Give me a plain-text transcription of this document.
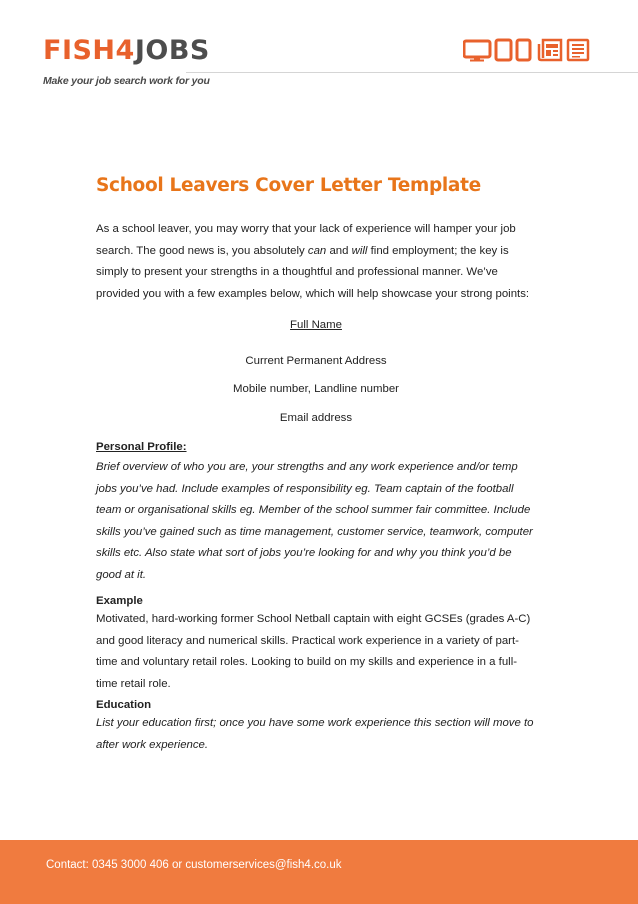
FISH4JOBS
Make your job search work for you
School Leavers Cover Letter Template
As a school leaver, you may worry that your lack of experience will hamper your job search. The good news is, you absolutely can and will find employment; the key is simply to present your strengths in a thoughtful and professional manner. We’ve provided you with a few examples below, which will help showcase your strong points:
Full Name
Current Permanent Address
Mobile number, Landline number
Email address
Personal Profile:
Brief overview of who you are, your strengths and any work experience and/or temp jobs you’ve had. Include examples of responsibility eg. Team captain of the football team or organisational skills eg. Member of the school summer fair committee. Include skills you’ve gained such as time management, customer service, teamwork, computer skills etc. Also state what sort of jobs you’re looking for and why you think you’d be good at it.
Example
Motivated, hard-working former School Netball captain with eight GCSEs (grades A-C) and good literacy and numerical skills. Practical work experience in a variety of part-time and voluntary retail roles. Looking to build on my skills and experience in a full-time retail role.
Education
List your education first; once you have some work experience this section will move to after work experience.
Contact: 0345 3000 406 or customerservices@fish4.co.uk
